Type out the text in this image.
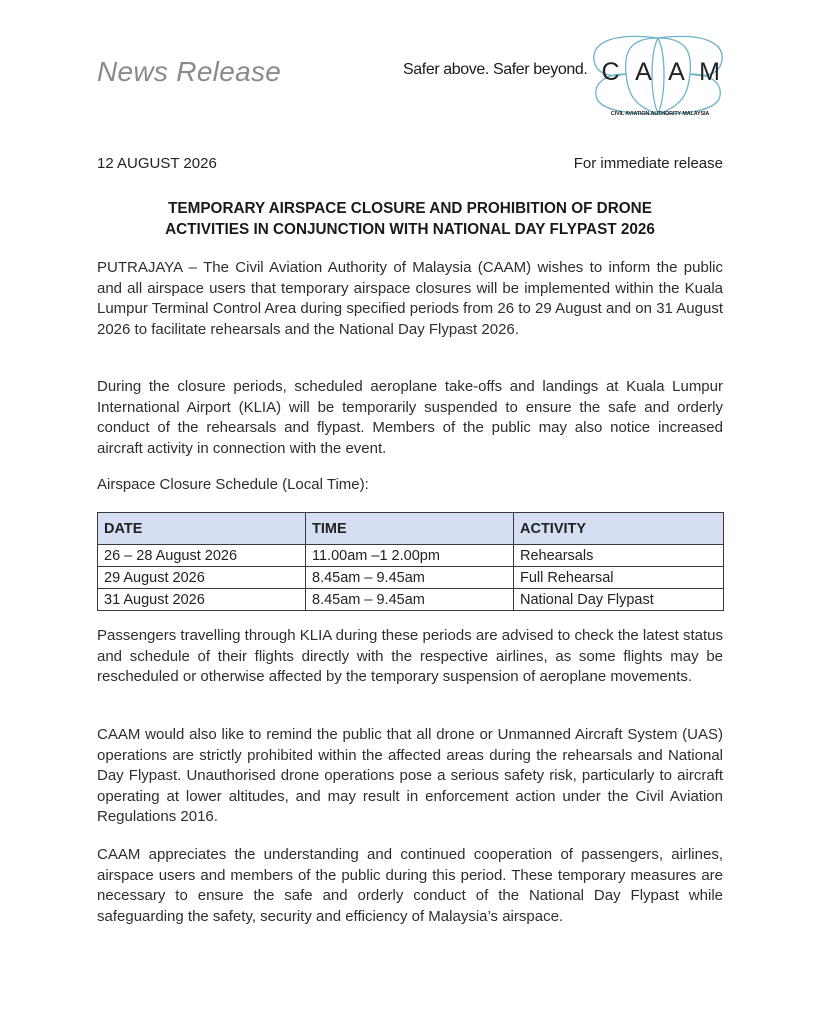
News Release	Safer above. Safer beyond. C A A M
CIVIL AVIATION AUTHORITY MALAYSIA
12 AUGUST 2026	For immediate release
TEMPORARY AIRSPACE CLOSURE AND PROHIBITION OF DRONE
ACTIVITIES IN CONJUNCTION WITH NATIONAL DAY FLYPAST 2026
PUTRAJAYA – The Civil Aviation Authority of Malaysia (CAAM) wishes to inform the public and all airspace users that temporary airspace closures will be implemented within the Kuala Lumpur Terminal Control Area during specified periods from 26 to 29 August and on 31 August 2026 to facilitate rehearsals and the National Day Flypast 2026.
During the closure periods, scheduled aeroplane take-offs and landings at Kuala Lumpur International Airport (KLIA) will be temporarily suspended to ensure the safe and orderly conduct of the rehearsals and flypast. Members of the public may also notice increased aircraft activity in connection with the event.
Airspace Closure Schedule (Local Time):
DATE	TIME	ACTIVITY
26 – 28 August 2026	11.00am –1 2.00pm	Rehearsals
29 August 2026	8.45am – 9.45am	Full Rehearsal
31 August 2026	8.45am – 9.45am	National Day Flypast
Passengers travelling through KLIA during these periods are advised to check the latest status and schedule of their flights directly with the respective airlines, as some flights may be rescheduled or otherwise affected by the temporary suspension of aeroplane movements.
CAAM would also like to remind the public that all drone or Unmanned Aircraft System (UAS) operations are strictly prohibited within the affected areas during the rehearsals and National Day Flypast. Unauthorised drone operations pose a serious safety risk, particularly to aircraft operating at lower altitudes, and may result in enforcement action under the Civil Aviation Regulations 2016.
CAAM appreciates the understanding and continued cooperation of passengers, airlines, airspace users and members of the public during this period. These temporary measures are necessary to ensure the safe and orderly conduct of the National Day Flypast while safeguarding the safety, security and efficiency of Malaysia’s airspace.
